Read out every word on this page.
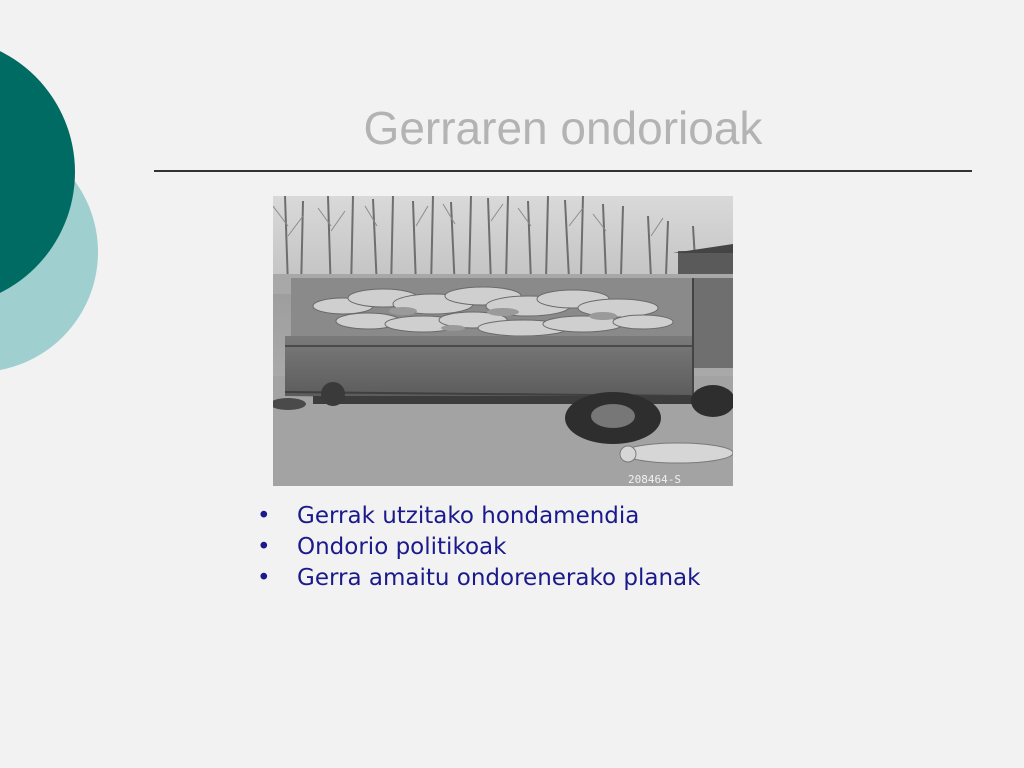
Gerraren ondorioak
208464-S
• Gerrak utzitako hondamendia
• Ondorio politikoak
• Gerra amaitu ondorenerako planak
